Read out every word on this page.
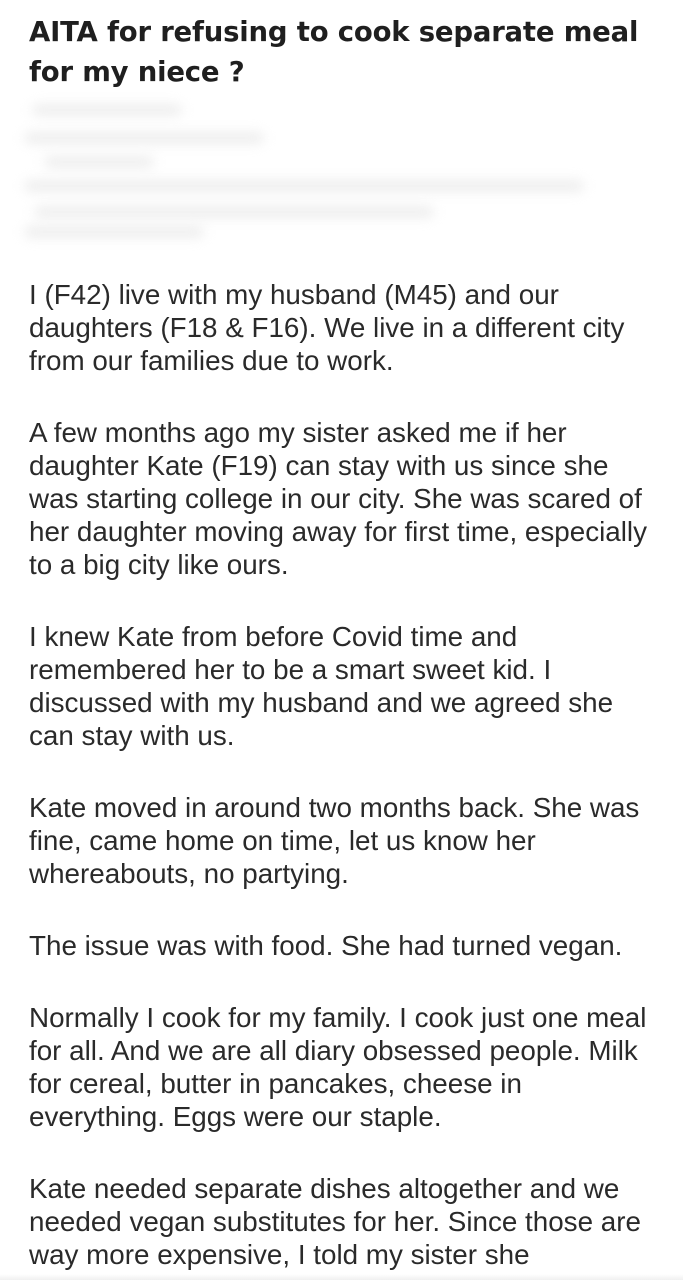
AITA for refusing to cook separate meal for my niece ?

I (F42) live with my husband (M45) and our daughters (F18 & F16). We live in a different city from our families due to work.

A few months ago my sister asked me if her daughter Kate (F19) can stay with us since she was starting college in our city. She was scared of her daughter moving away for first time, especially to a big city like ours.

I knew Kate from before Covid time and remembered her to be a smart sweet kid. I discussed with my husband and we agreed she can stay with us.

Kate moved in around two months back. She was fine, came home on time, let us know her whereabouts, no partying.

The issue was with food. She had turned vegan.

Normally I cook for my family. I cook just one meal for all. And we are all diary obsessed people. Milk for cereal, butter in pancakes, cheese in everything. Eggs were our staple.

Kate needed separate dishes altogether and we needed vegan substitutes for her. Since those are way more expensive, I told my sister she
